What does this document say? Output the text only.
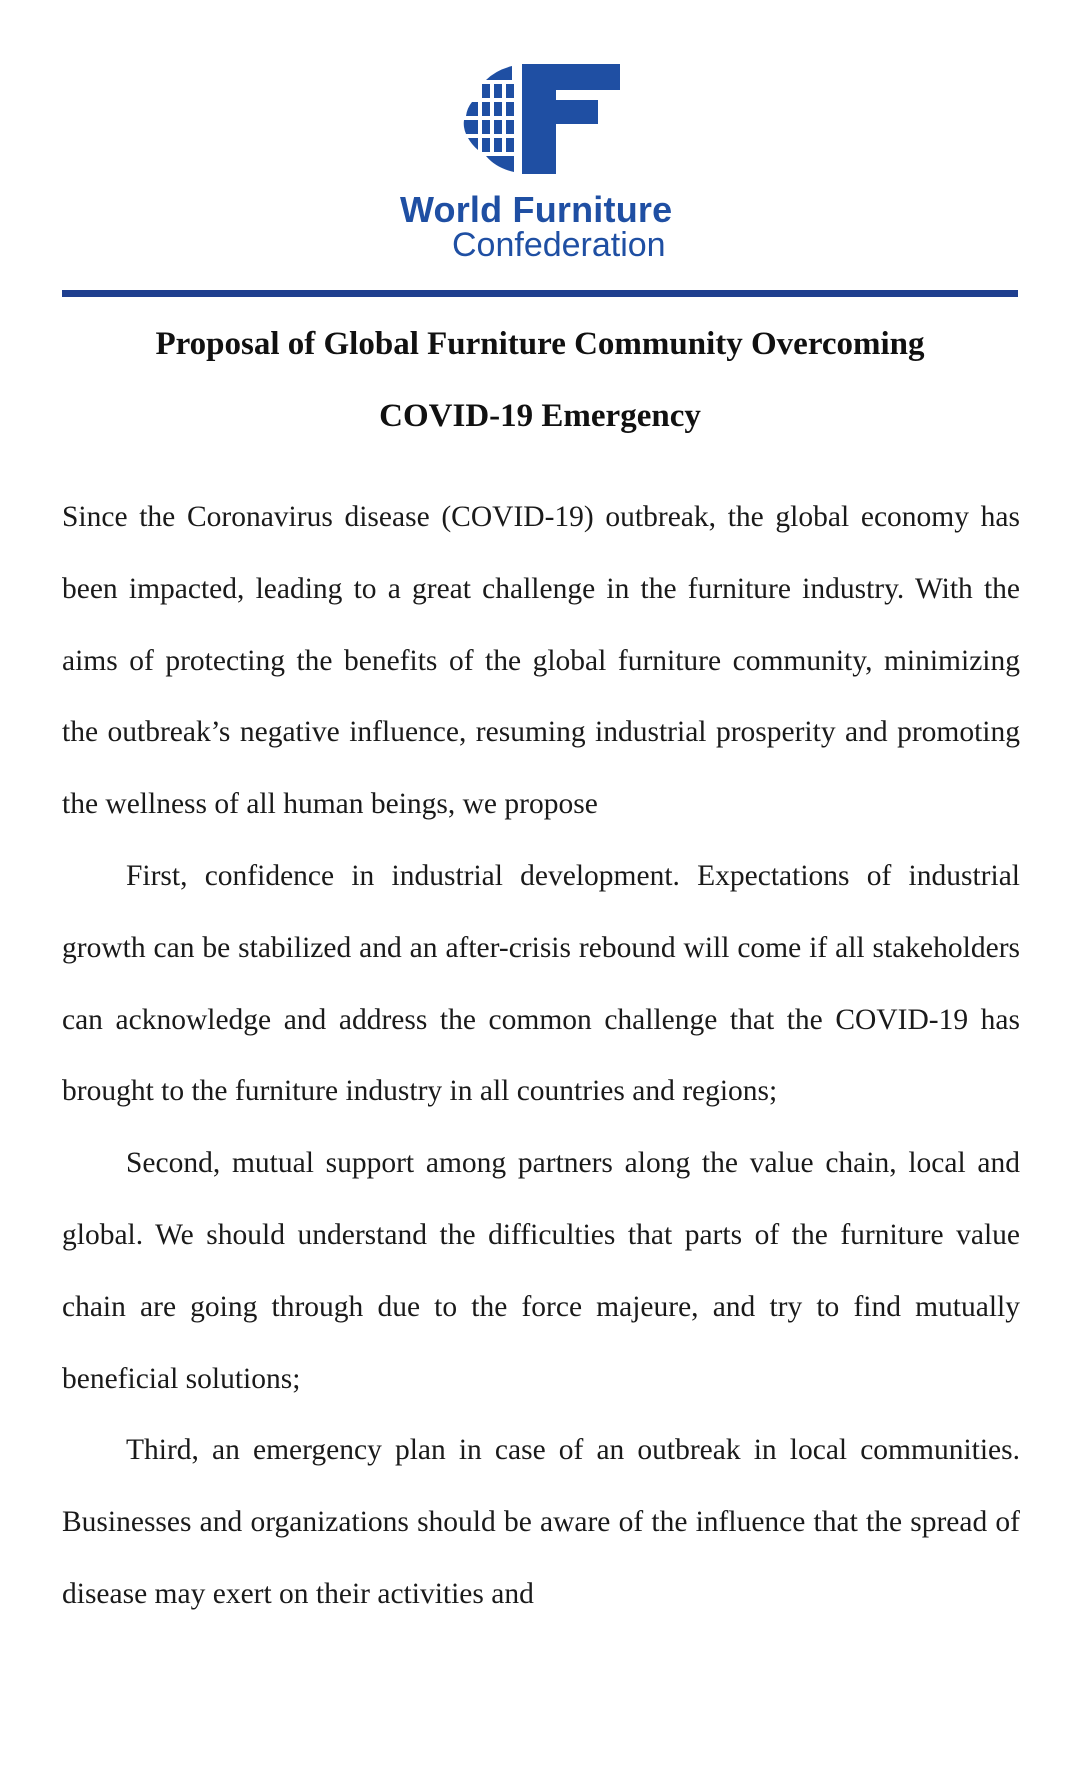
World Furniture
Confederation
Proposal of Global Furniture Community Overcoming
COVID-19 Emergency

Since the Coronavirus disease (COVID-19) outbreak, the global economy has been impacted, leading to a great challenge in the furniture industry. With the aims of protecting the benefits of the global furniture community, minimizing the outbreak’s negative influence, resuming industrial prosperity and promoting the wellness of all human beings, we propose

First, confidence in industrial development. Expectations of industrial growth can be stabilized and an after-crisis rebound will come if all stakeholders can acknowledge and address the common challenge that the COVID-19 has brought to the furniture industry in all countries and regions;

Second, mutual support among partners along the value chain, local and global. We should understand the difficulties that parts of the furniture value chain are going through due to the force majeure, and try to find mutually beneficial solutions;

Third, an emergency plan in case of an outbreak in local communities. Businesses and organizations should be aware of the influence that the spread of disease may exert on their activities and
